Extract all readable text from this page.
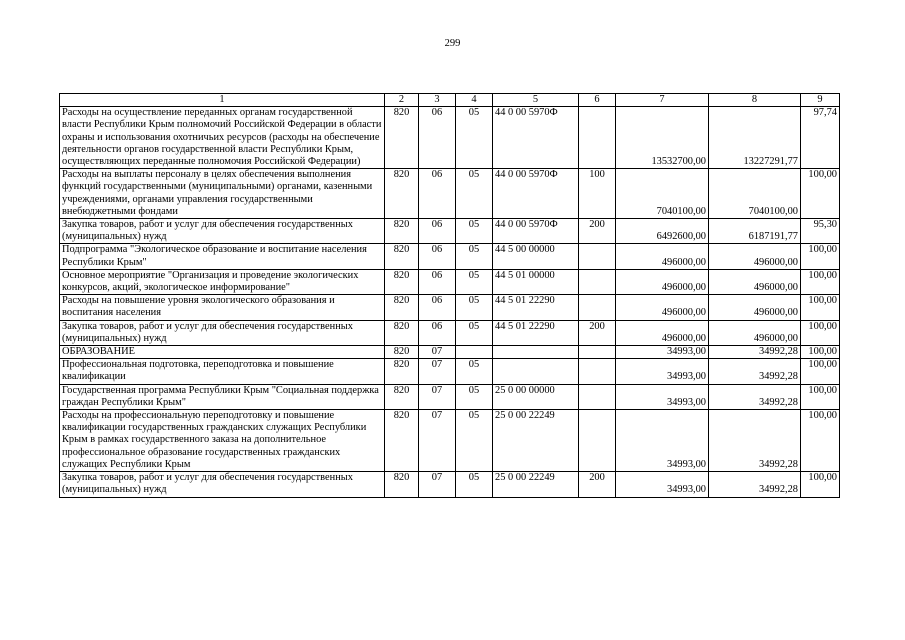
299
1	2	3	4	5	6	7	8	9
Расходы на осуществление переданных органам государственной власти Республики Крым полномочий Российской Федерации в области охраны и использования охотничьих ресурсов (расходы на обеспечение деятельности органов государственной власти Республики Крым, осуществляющих переданные полномочия Российской Федерации)	820	06	05	44 0 00 5970Ф		13532700,00	13227291,77	97,74
Расходы на выплаты персоналу в целях обеспечения выполнения функций государственными (муниципальными) органами, казенными учреждениями, органами управления государственными внебюджетными фондами	820	06	05	44 0 00 5970Ф	100	7040100,00	7040100,00	100,00
Закупка товаров, работ и услуг для обеспечения государственных (муниципальных) нужд	820	06	05	44 0 00 5970Ф	200	6492600,00	6187191,77	95,30
Подпрограмма "Экологическое образование и воспитание населения Республики Крым"	820	06	05	44 5 00 00000		496000,00	496000,00	100,00
Основное мероприятие "Организация и проведение экологических конкурсов, акций, экологическое информирование"	820	06	05	44 5 01 00000		496000,00	496000,00	100,00
Расходы на повышение уровня экологического образования и воспитания населения	820	06	05	44 5 01 22290		496000,00	496000,00	100,00
Закупка товаров, работ и услуг для обеспечения государственных (муниципальных) нужд	820	06	05	44 5 01 22290	200	496000,00	496000,00	100,00
ОБРАЗОВАНИЕ	820	07				34993,00	34992,28	100,00
Профессиональная подготовка, переподготовка и повышение квалификации	820	07	05			34993,00	34992,28	100,00
Государственная программа Республики Крым "Социальная поддержка граждан Республики Крым"	820	07	05	25 0 00 00000		34993,00	34992,28	100,00
Расходы на профессиональную переподготовку и повышение квалификации государственных гражданских служащих Республики Крым в рамках государственного заказа на дополнительное профессиональное образование государственных гражданских служащих Республики Крым	820	07	05	25 0 00 22249		34993,00	34992,28	100,00
Закупка товаров, работ и услуг для обеспечения государственных (муниципальных) нужд	820	07	05	25 0 00 22249	200	34993,00	34992,28	100,00
